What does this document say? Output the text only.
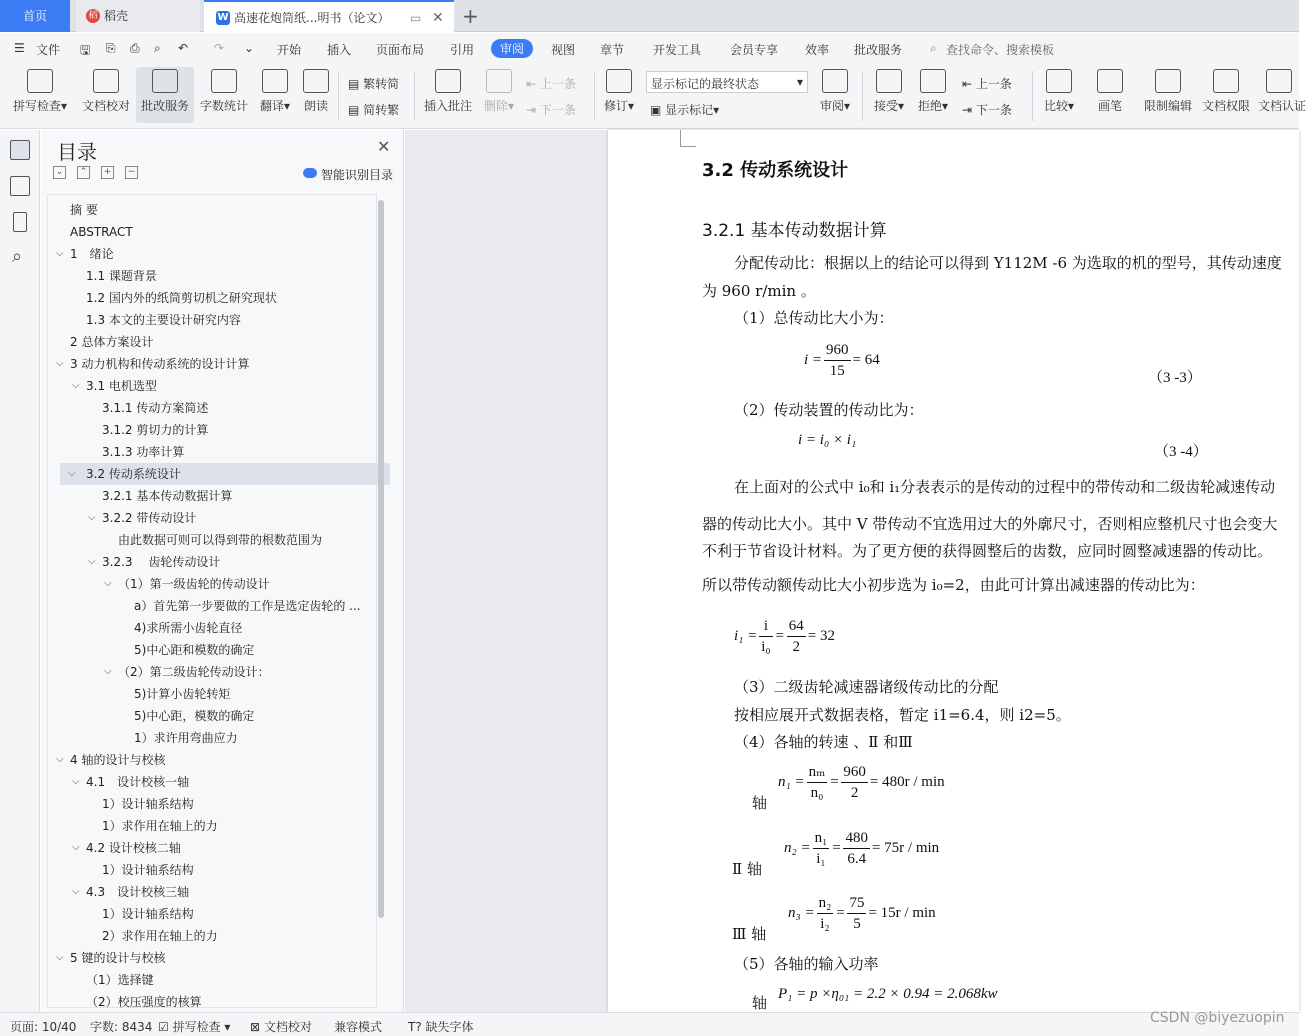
首页	稻 稻壳	W 高速花炮筒纸...明书（论文） ▭ ✕ +
☰ 文件 🖫 ⎘ ⎙ ⌕ ↶ ↷ ⌄ 开始 插入 页面布局 引用	审阅	视图 章节 开发工具 会员专享 效率 批改服务 ⌕ 查找命令、搜索模板
拼写检查▾	文档校对 批改服务 字数统计 翻译▾	朗读
▤ 繁转简
▤ 简转繁	插入批注 删除▾
⇤ 上一条
⇥ 下一条	修订▾
显示标记的最终状态	▾
▣ 显示标记▾	审阅▾	接受▾	拒绝▾
⇤ 上一条
⇥ 下一条	比较▾	画笔	限制编辑 文档权限 文档认证
⌕
目录	✕
⌄	⌃	+	−	智能识别目录
摘 要
ABSTRACT
⌵ 1　绪论
1.1 课题背景
1.2 国内外的纸筒剪切机之研究现状
1.3 本文的主要设计研究内容
2 总体方案设计
⌵ 3 动力机构和传动系统的设计计算
⌵ 3.1 电机选型
3.1.1 传动方案简述
3.1.2 剪切力的计算
3.1.3 功率计算
⌵ 3.2 传动系统设计
3.2.1 基本传动数据计算
⌵ 3.2.2 带传动设计
由此数据可则可以得到带的根数范围为
⌵ 3.2.3　 齿轮传动设计
⌵ （1）第一级齿轮的传动设计
a）首先第一步要做的工作是选定齿轮的 ...
4)求所需小齿轮直径
5)中心距和模数的确定
⌵ （2）第二级齿轮传动设计：
5)计算小齿轮转矩
5)中心距，模数的确定
1）求许用弯曲应力
⌵ 4 轴的设计与校核
⌵ 4.1　设计校核一轴
1）设计轴系结构
1）求作用在轴上的力
⌵ 4.2 设计校核二轴
1）设计轴系结构
⌵ 4.3　设计校核三轴
1）设计轴系结构
2）求作用在轴上的力
⌵ 5 键的设计与校核
（1）选择键
（2）校压强度的核算
3.2 传动系统设计
3.2.1 基本传动数据计算
分配传动比：根据以上的结论可以得到 Y112M -6 为选取的机的型号，其传动速度
为 960 r/min 。
（1）总传动比大小为：
$i = \frac{960}{15} = 64$
（3 -3）
（2）传动装置的传动比为：
i = i₀ × i₁
（3 -4）
在上面对的公式中 i₀和 i₁分表表示的是传动的过程中的带传动和二级齿轮减速传动
器的传动比大小。其中 V 带传动不宜选用过大的外廓尺寸，否则相应整机尺寸也会变大
不利于节省设计材料。为了更方便的获得圆整后的齿数，应同时圆整减速器的传动比。
所以带传动额传动比大小初步选为 i₀=2，由此可计算出减速器的传动比为：
$i_1 = \frac{i}{\text{i₀}} = \frac{64}{2} = 32$
（3）二级齿轮减速器诸级传动比的分配
按相应展开式数据表格，暂定 i1=6.4，则 i2=5。
（4）各轴的转速 、Ⅱ 和Ⅲ
轴
$n_1 = \frac{\text{nₘ}}{\text{n₀}} = \frac{960}{2} = 480r / \min$
Ⅱ 轴
$n_2 = \frac{\text{n₁}}{\text{i₁}} = \frac{480}{6.4} = 75r / \min$
Ⅲ 轴
$n_3 = \frac{\text{n₂}}{\text{i₂}} = \frac{75}{5} = 15r / \min$
（5）各轴的输入功率
轴 P₁ = p ×η₀₁ = 2.2 × 0.94 = 2.068kw
页面: 10/40 字数: 8434 ☑ 拼写检查 ▾ ⊠ 文档校对 兼容模式 T? 缺失字体
CSDN @biyezuopin
